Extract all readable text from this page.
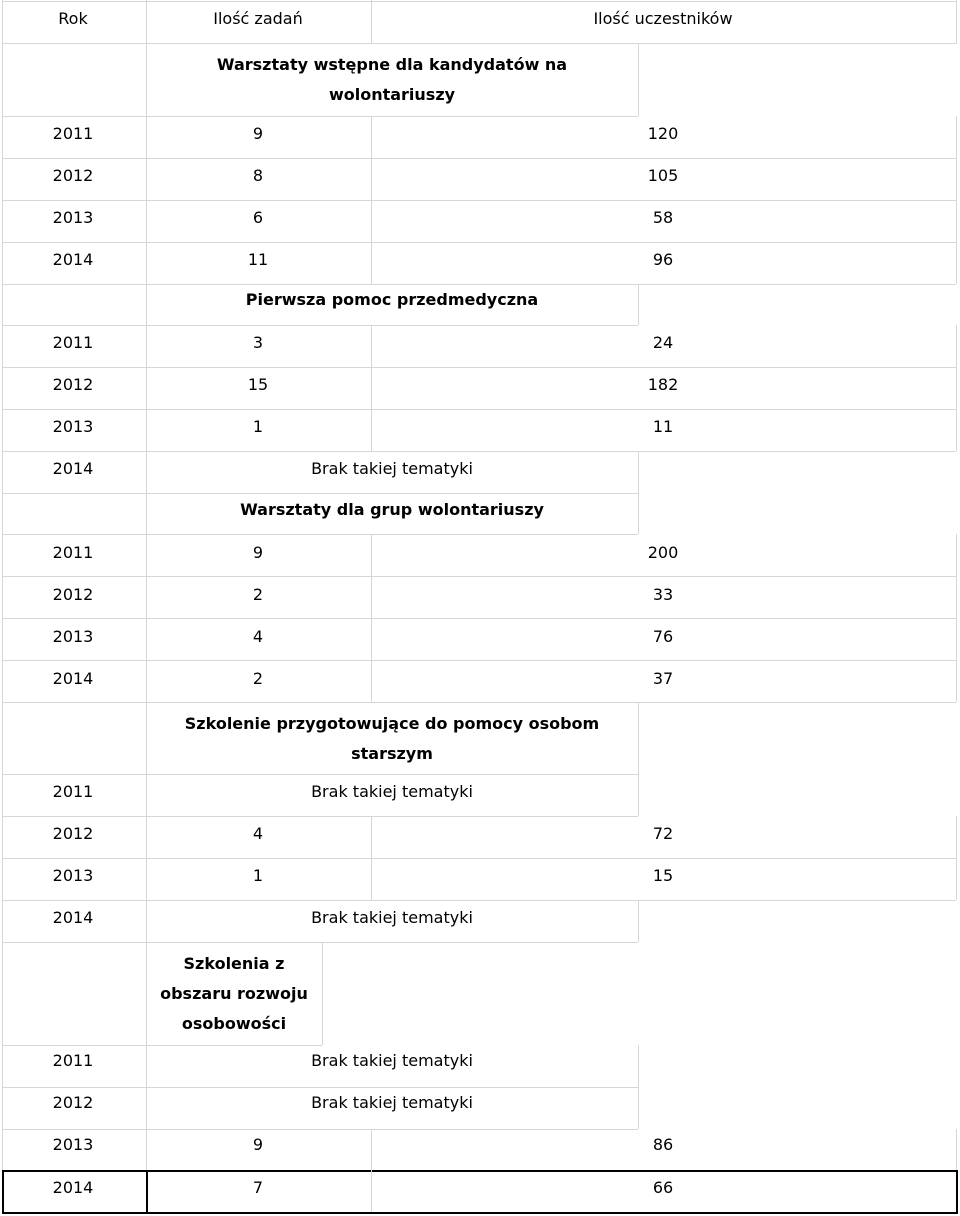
Rok	Ilość zadań	Ilość uczestników
Warsztaty wstępne dla kandydatów na
wolontariuszy
2011	9	120
2012	8	105
2013	6	58
2014	11	96
Pierwsza pomoc przedmedyczna
2011	3	24
2012	15	182
2013	1	11
2014	Brak takiej tematyki
Warsztaty dla grup wolontariuszy
2011	9	200
2012	2	33
2013	4	76
2014	2	37
Szkolenie przygotowujące do pomocy osobom
starszym
2011	Brak takiej tematyki
2012	4	72
2013	1	15
2014	Brak takiej tematyki
Szkolenia z
obszaru rozwoju
osobowości
2011	Brak takiej tematyki
2012	Brak takiej tematyki
2013	9	86
2014	7	66
